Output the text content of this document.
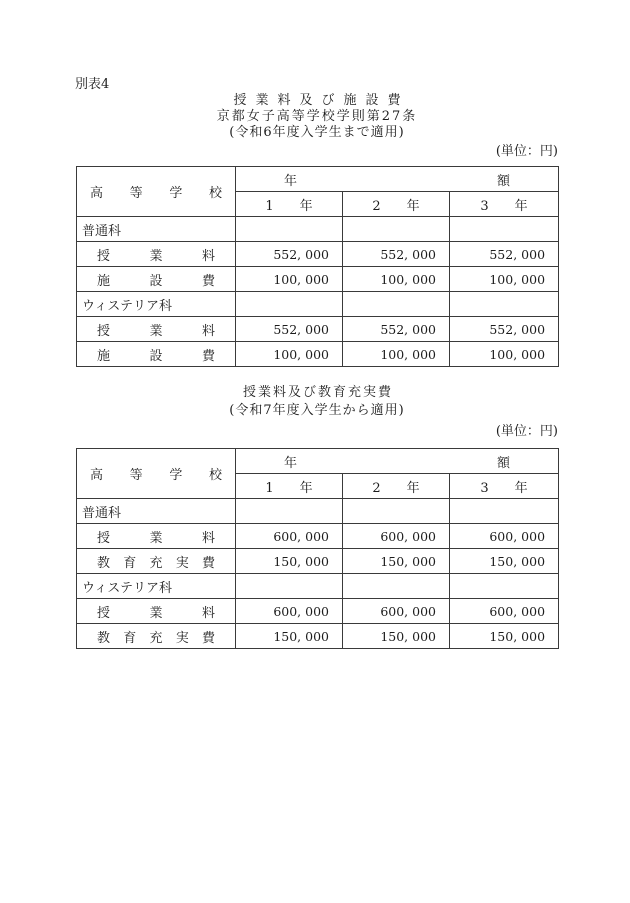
別表4
授業料及び施設費
京都女子高等学校学則第27条
(令和6年度入学生まで適用)
(単位：円)
高 等 学 校	年 額		

	1　　年	2　　年	3　　年

普通科			

授 業 料	552, 000	552, 000	552, 000

施 設 費	100, 000	100, 000	100, 000

ウィステリア科			

授 業 料	552, 000	552, 000	552, 000

施 設 費	100, 000	100, 000	100, 000
授業料及び教育充実費
(令和7年度入学生から適用)
(単位：円)
高 等 学 校	年 額		

	1　　年	2　　年	3　　年

普通科			

授 業 料	600, 000	600, 000	600, 000

教 育 充 実 費	150, 000	150, 000	150, 000

ウィステリア科			

授 業 料	600, 000	600, 000	600, 000

教 育 充 実 費	150, 000	150, 000	150, 000
